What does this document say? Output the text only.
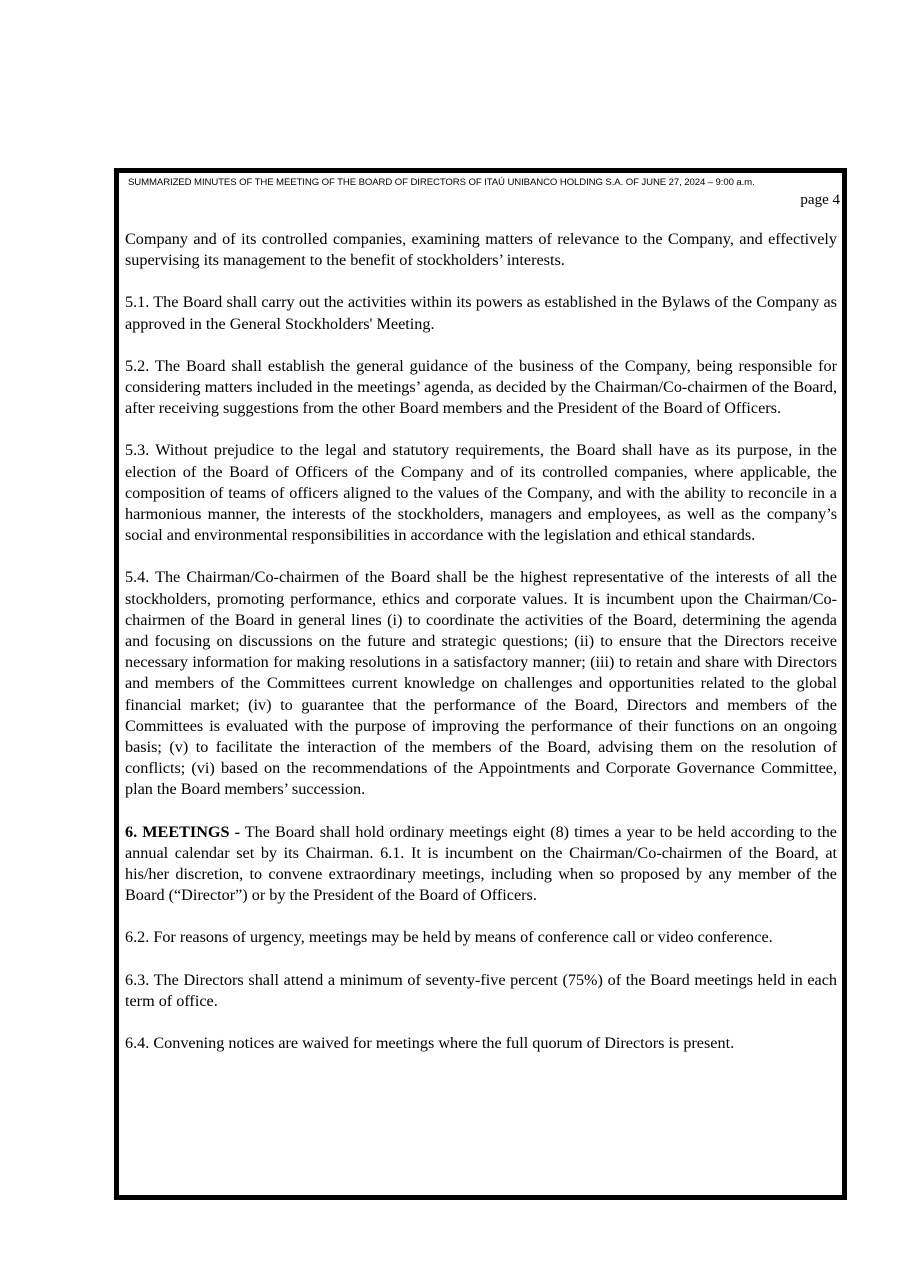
SUMMARIZED MINUTES OF THE MEETING OF THE BOARD OF DIRECTORS OF ITAÚ UNIBANCO HOLDING S.A. OF JUNE 27, 2024 – 9:00 a.m.
page 4

Company and of its controlled companies, examining matters of relevance to the Company, and effectively supervising its management to the benefit of stockholders’ interests.

5.1. The Board shall carry out the activities within its powers as established in the Bylaws of the Company as approved in the General Stockholders' Meeting.

5.2. The Board shall establish the general guidance of the business of the Company, being responsible for considering matters included in the meetings’ agenda, as decided by the Chairman/Co-chairmen of the Board, after receiving suggestions from the other Board members and the President of the Board of Officers.

5.3. Without prejudice to the legal and statutory requirements, the Board shall have as its purpose, in the election of the Board of Officers of the Company and of its controlled companies, where applicable, the composition of teams of officers aligned to the values of the Company, and with the ability to reconcile in a harmonious manner, the interests of the stockholders, managers and employees, as well as the company’s social and environmental responsibilities in accordance with the legislation and ethical standards.

5.4. The Chairman/Co-chairmen of the Board shall be the highest representative of the interests of all the stockholders, promoting performance, ethics and corporate values. It is incumbent upon the Chairman/Co-chairmen of the Board in general lines (i) to coordinate the activities of the Board, determining the agenda and focusing on discussions on the future and strategic questions; (ii) to ensure that the Directors receive necessary information for making resolutions in a satisfactory manner; (iii) to retain and share with Directors and members of the Committees current knowledge on challenges and opportunities related to the global financial market; (iv) to guarantee that the performance of the Board, Directors and members of the Committees is evaluated with the purpose of improving the performance of their functions on an ongoing basis; (v) to facilitate the interaction of the members of the Board, advising them on the resolution of conflicts; (vi) based on the recommendations of the Appointments and Corporate Governance Committee, plan the Board members’ succession.

6. MEETINGS - The Board shall hold ordinary meetings eight (8) times a year to be held according to the annual calendar set by its Chairman. 6.1. It is incumbent on the Chairman/Co-chairmen of the Board, at his/her discretion, to convene extraordinary meetings, including when so proposed by any member of the Board (“Director”) or by the President of the Board of Officers.

6.2. For reasons of urgency, meetings may be held by means of conference call or video conference.

6.3. The Directors shall attend a minimum of seventy-five percent (75%) of the Board meetings held in each term of office.

6.4. Convening notices are waived for meetings where the full quorum of Directors is present.
